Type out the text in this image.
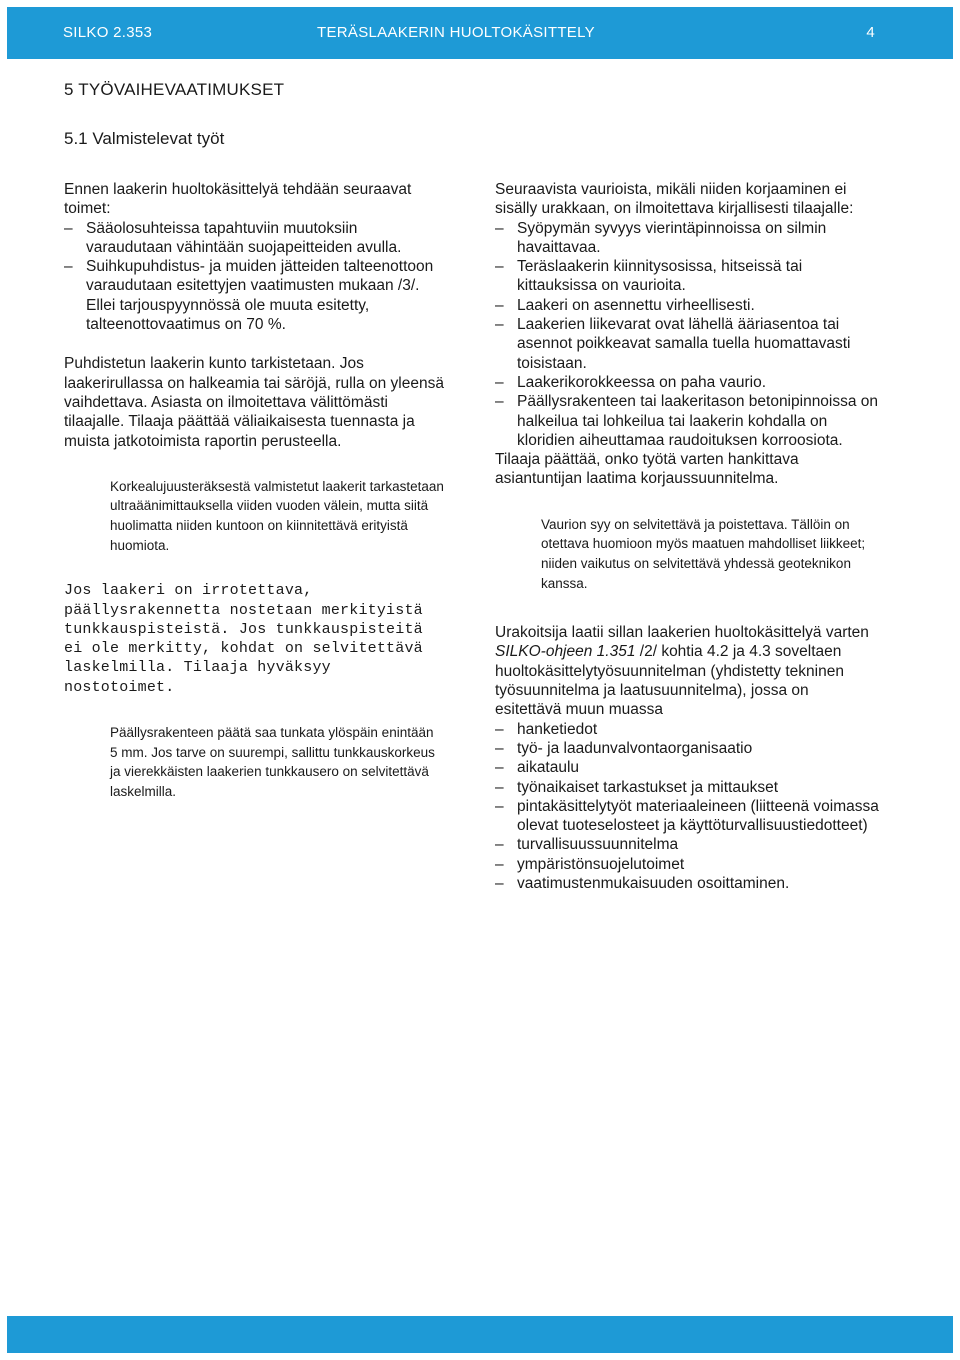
SILKO 2.353	TERÄSLAAKERIN HUOLTOKÄSITTELY	4
5 TYÖVAIHEVAATIMUKSET
5.1 Valmistelevat työt

Ennen laakerin huoltokäsittelyä tehdään seuraavat toimet:

– Sääolosuhteissa tapahtuviin muutoksiin varaudutaan vähintään suojapeitteiden avulla.

– Suihkupuhdistus- ja muiden jätteiden talteenottoon varaudutaan esitettyjen vaatimusten mukaan /3/. Ellei tarjouspyynnössä ole muuta esitetty, talteenottovaatimus on 70 %.

Puhdistetun laakerin kunto tarkistetaan. Jos laakerirullassa on halkeamia tai säröjä, rulla on yleensä vaihdettava. Asiasta on ilmoitettava välittömästi tilaajalle. Tilaaja päättää väliaikaisesta tuennasta ja muista jatkotoimista raportin perusteella.

Korkealujuusteräksestä valmistetut laakerit tarkastetaan ultraäänimittauksella viiden vuoden välein, mutta siitä huolimatta niiden kuntoon on kiinnitettävä erityistä huomiota.

Jos laakeri on irrotettava, päällysrakennetta nostetaan merkityistä tunkkauspisteistä. Jos tunkkauspisteitä ei ole merkitty, kohdat on selvitettävä laskelmilla. Tilaaja hyväksyy nostotoimet.

Päällysrakenteen päätä saa tunkata ylöspäin enintään 5 mm. Jos tarve on suurempi, sallittu tunkkauskorkeus ja vierekkäisten laakerien tunkkausero on selvitettävä laskelmilla.

Seuraavista vaurioista, mikäli niiden korjaaminen ei sisälly urakkaan, on ilmoitettava kirjallisesti tilaajalle:

– Syöpymän syvyys vierintäpinnoissa on silmin havaittavaa.

– Teräslaakerin kiinnitysosissa, hitseissä tai kittauksissa on vaurioita.

– Laakeri on asennettu virheellisesti.

– Laakerien liikevarat ovat lähellä ääriasentoa tai asennot poikkeavat samalla tuella huomattavasti toisistaan.

– Laakerikorokkeessa on paha vaurio.

– Päällysrakenteen tai laakeritason betonipinnoissa on halkeilua tai lohkeilua tai laakerin kohdalla on kloridien aiheuttamaa raudoituksen korroosiota.

Tilaaja päättää, onko työtä varten hankittava asiantuntijan laatima korjaussuunnitelma.

Vaurion syy on selvitettävä ja poistettava. Tällöin on otettava huomioon myös maatuen mahdolliset liikkeet; niiden vaikutus on selvitettävä yhdessä geoteknikon kanssa.

Urakoitsija laatii sillan laakerien huoltokäsittelyä varten SILKO-ohjeen 1.351 /2/ kohtia 4.2 ja 4.3 soveltaen huoltokäsittelytyösuunnitelman (yhdistetty tekninen työsuunnitelma ja laatusuunnitelma), jossa on esitettävä muun muassa

– hanketiedot

– työ- ja laadunvalvontaorganisaatio

– aikataulu

– työnaikaiset tarkastukset ja mittaukset

– pintakäsittelytyöt materiaaleineen (liitteenä voimassa olevat tuoteselosteet ja käyttöturvallisuustiedotteet)

– turvallisuussuunnitelma

– ympäristönsuojelutoimet

– vaatimustenmukaisuuden osoittaminen.
